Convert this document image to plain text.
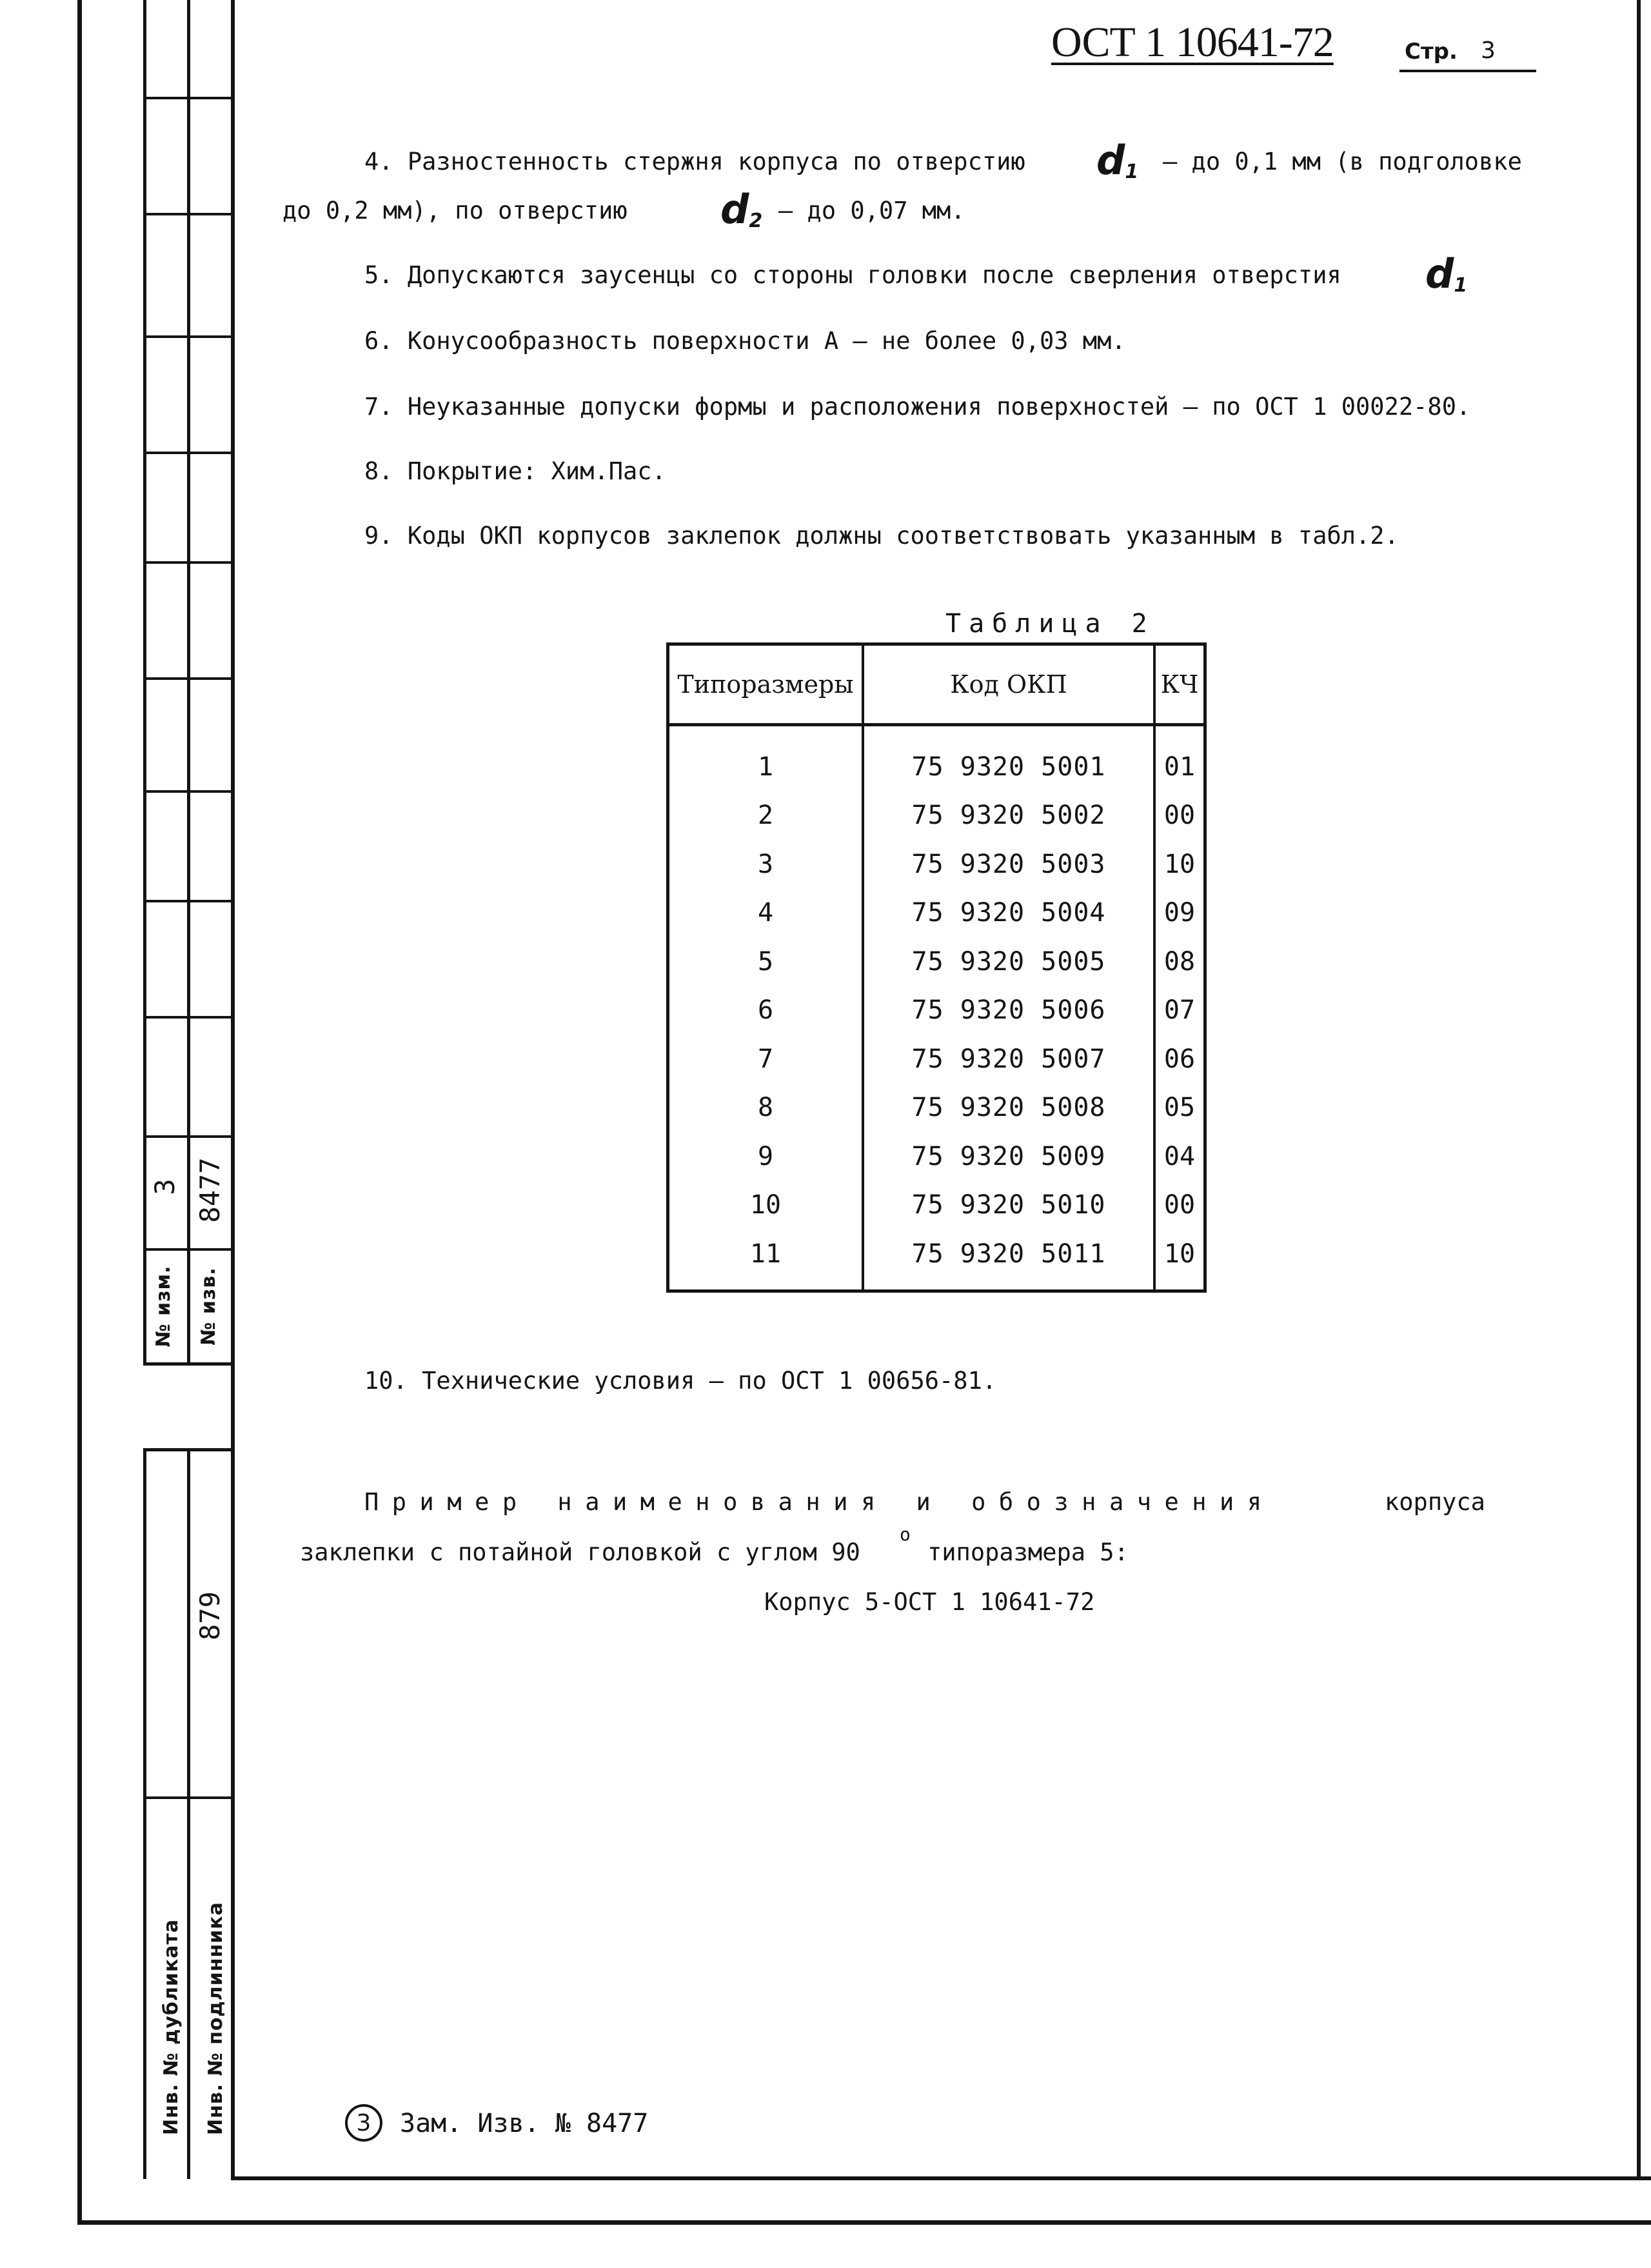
№ изм. № изв.
3 8477
879
Инв. № дубликата Инв. № подлинника
ОСТ 1 10641-72	Стр. 3
4. Разностенность стержня корпуса по отверстию $d_1$ – до 0,1 мм (в подголовке
до 0,2 мм), по отверстию $d_2$ – до 0,07 мм.
5. Допускаются заусенцы со стороны головки после сверления отверстия $d_1$
6. Конусообразность поверхности А – не более 0,03 мм.
7. Неуказанные допуски формы и расположения поверхностей – по ОСТ 1 00022-80.
8. Покрытие: Хим.Пас.
9. Коды ОКП корпусов заклепок должны соответствовать указанным в табл.2.
Таблица 2
Типоразмеры	Код ОКП	КЧ
1	75 9320 5001	01
2	75 9320 5002	00
3	75 9320 5003	10
4	75 9320 5004	09
5	75 9320 5005	08
6	75 9320 5006	07
7	75 9320 5007	06
8	75 9320 5008	05
9	75 9320 5009	04
10	75 9320 5010	00
11	75 9320 5011	10
10. Технические условия – по ОСТ 1 00656-81.
Пример наименования и обозначения	корпуса
заклепки с потайной головкой с углом 90
o
типоразмера 5:
Корпус 5-ОСТ 1 10641-72
3 Зам. Изв. № 8477
